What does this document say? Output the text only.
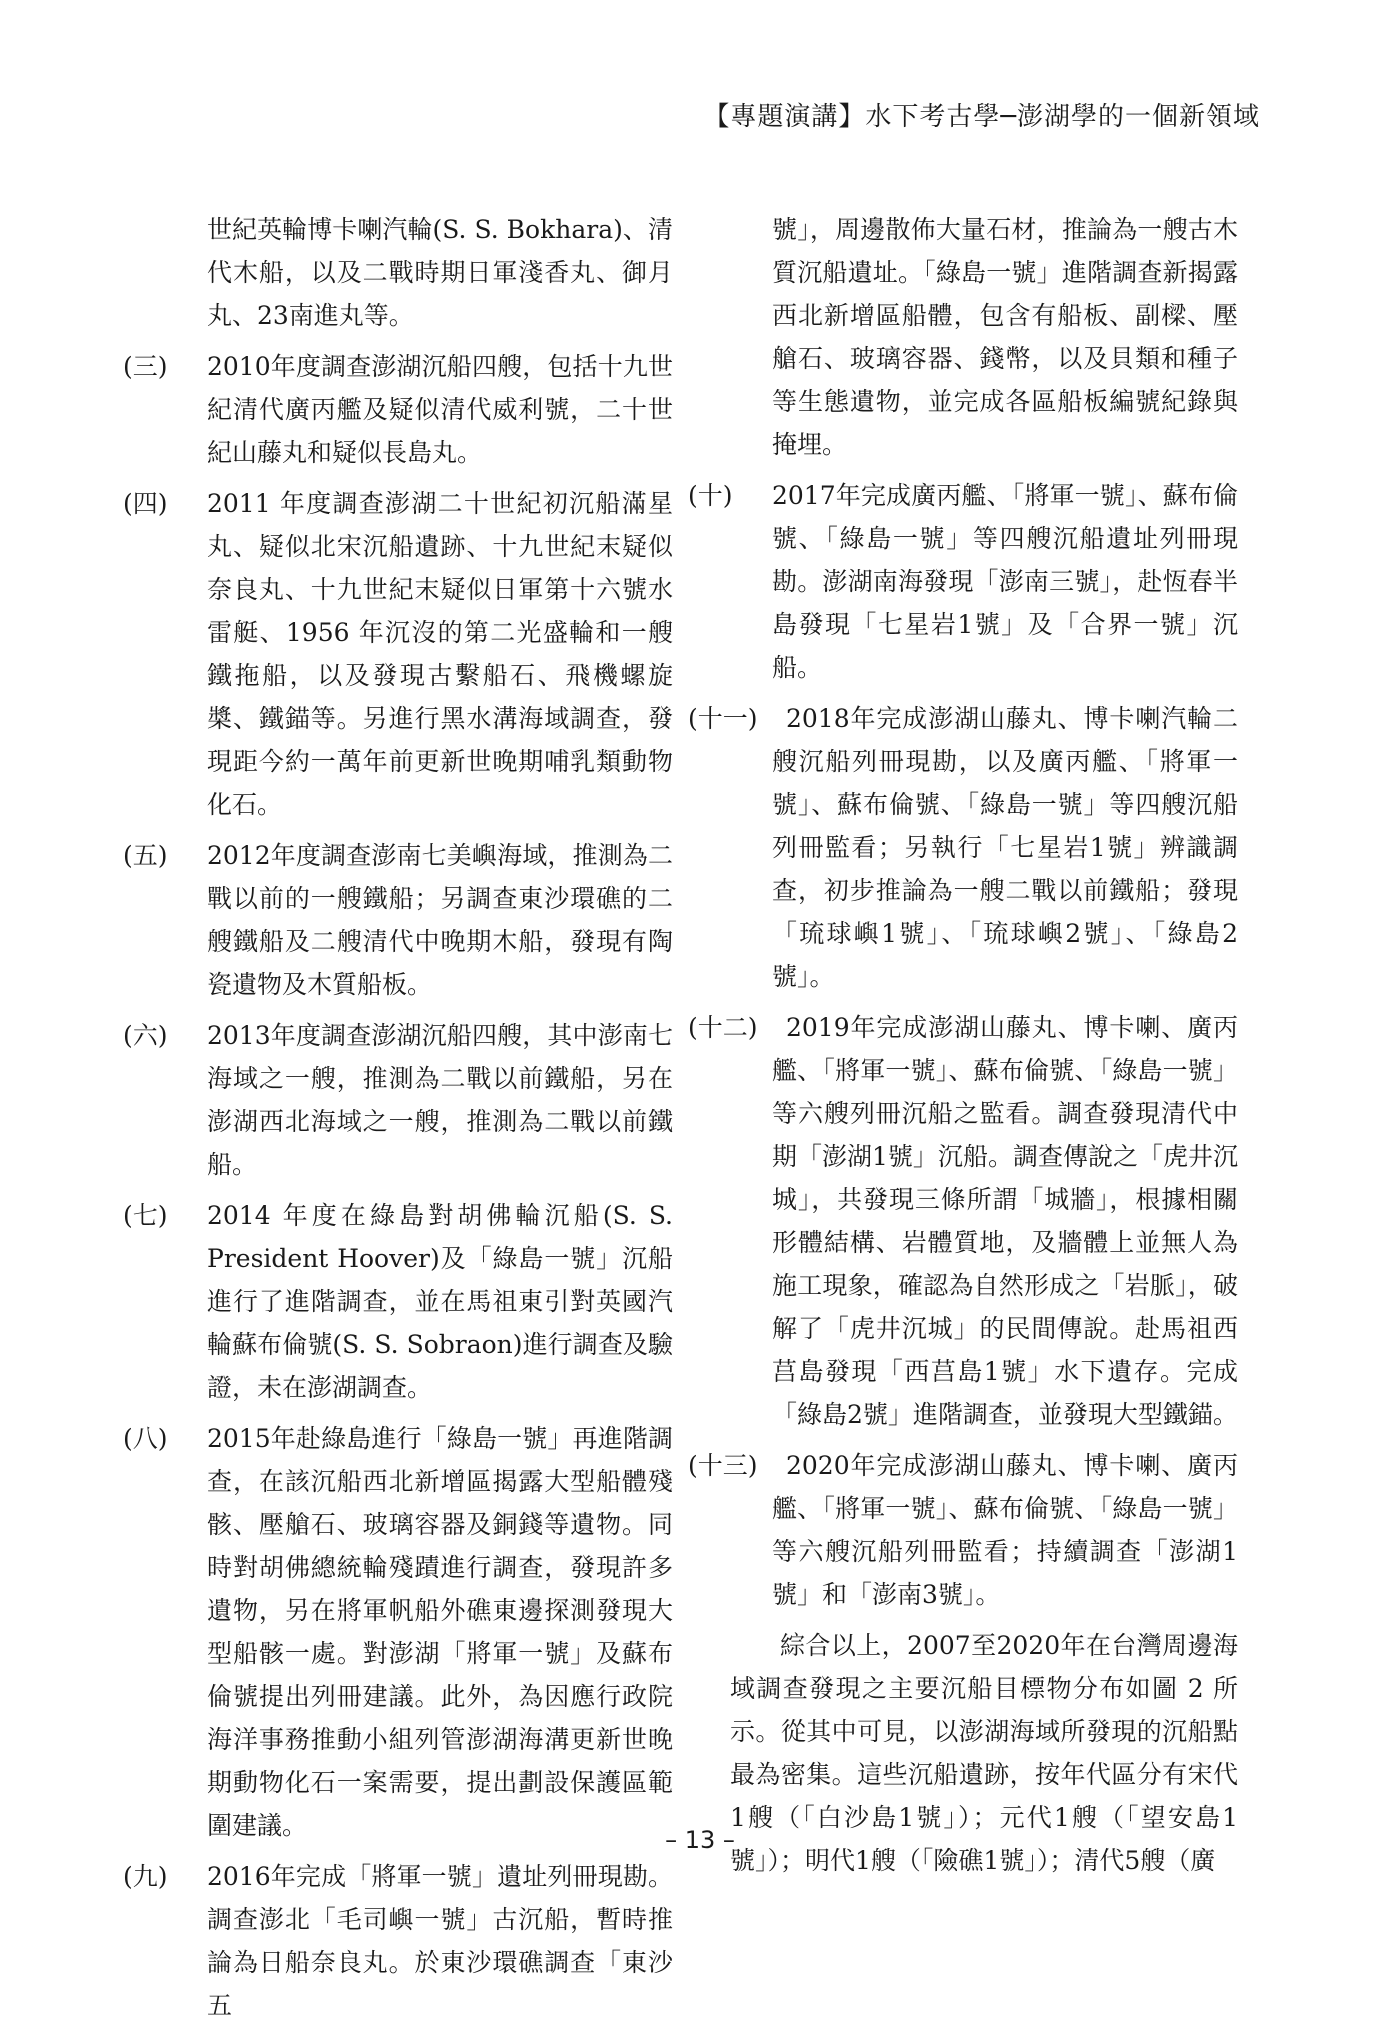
【專題演講】水下考古學─澎湖學的一個新領域

世紀英輪博卡喇汽輪(S. S. Bokhara)、清代木船，以及二戰時期日軍淺香丸、御月丸、23南進丸等。

(三) 2010年度調查澎湖沉船四艘，包括十九世紀清代廣丙艦及疑似清代威利號，二十世紀山藤丸和疑似長島丸。

(四) 2011 年度調查澎湖二十世紀初沉船滿星丸、疑似北宋沉船遺跡、十九世紀末疑似奈良丸、十九世紀末疑似日軍第十六號水雷艇、1956 年沉沒的第二光盛輪和一艘鐵拖船，以及發現古繫船石、飛機螺旋槳、鐵錨等。另進行黑水溝海域調查，發現距今約一萬年前更新世晚期哺乳類動物化石。

(五) 2012年度調查澎南七美嶼海域，推測為二戰以前的一艘鐵船；另調查東沙環礁的二艘鐵船及二艘清代中晚期木船，發現有陶瓷遺物及木質船板。

(六) 2013年度調查澎湖沉船四艘，其中澎南七海域之一艘，推測為二戰以前鐵船，另在澎湖西北海域之一艘，推測為二戰以前鐵船。

(七) 2014 年度在綠島對胡佛輪沉船(S. S. President Hoover)及「綠島一號」沉船進行了進階調查，並在馬祖東引對英國汽輪蘇布倫號(S. S. Sobraon)進行調查及驗證，未在澎湖調查。

(八) 2015年赴綠島進行「綠島一號」再進階調查，在該沉船西北新增區揭露大型船體殘骸、壓艙石、玻璃容器及銅錢等遺物。同時對胡佛總統輪殘蹟進行調查，發現許多遺物，另在將軍帆船外礁東邊探測發現大型船骸一處。對澎湖「將軍一號」及蘇布倫號提出列冊建議。此外，為因應行政院海洋事務推動小組列管澎湖海溝更新世晚期動物化石一案需要，提出劃設保護區範圍建議。

(九) 2016年完成「將軍一號」遺址列冊現勘。調查澎北「毛司嶼一號」古沉船，暫時推論為日船奈良丸。於東沙環礁調查「東沙五

號」，周邊散佈大量石材，推論為一艘古木質沉船遺址。「綠島一號」進階調查新揭露西北新增區船體，包含有船板、副樑、壓艙石、玻璃容器、錢幣，以及貝類和種子等生態遺物，並完成各區船板編號紀錄與掩埋。

(十) 2017年完成廣丙艦、「將軍一號」、蘇布倫號、「綠島一號」等四艘沉船遺址列冊現勘。澎湖南海發現「澎南三號」，赴恆春半島發現「七星岩1號」及「合界一號」沉船。

(十一) 2018年完成澎湖山藤丸、博卡喇汽輪二艘沉船列冊現勘，以及廣丙艦、「將軍一號」、蘇布倫號、「綠島一號」等四艘沉船列冊監看；另執行「七星岩1號」辨識調查，初步推論為一艘二戰以前鐵船；發現「琉球嶼1號」、「琉球嶼2號」、「綠島2號」。

(十二) 2019年完成澎湖山藤丸、博卡喇、廣丙艦、「將軍一號」、蘇布倫號、「綠島一號」等六艘列冊沉船之監看。調查發現清代中期「澎湖1號」沉船。調查傳說之「虎井沉城」，共發現三條所謂「城牆」，根據相關形體結構、岩體質地，及牆體上並無人為施工現象，確認為自然形成之「岩脈」，破解了「虎井沉城」的民間傳說。赴馬祖西莒島發現「西莒島1號」水下遺存。完成「綠島2號」進階調查，並發現大型鐵錨。

(十三) 2020年完成澎湖山藤丸、博卡喇、廣丙艦、「將軍一號」、蘇布倫號、「綠島一號」等六艘沉船列冊監看；持續調查「澎湖1號」和「澎南3號」。

綜合以上，2007至2020年在台灣周邊海域調查發現之主要沉船目標物分布如圖 2 所示。從其中可見，以澎湖海域所發現的沉船點最為密集。這些沉船遺跡，按年代區分有宋代1艘（「白沙島1號」）；元代1艘（「望安島1號」）；明代1艘（「險礁1號」）；清代5艘（廣

– 13 –
